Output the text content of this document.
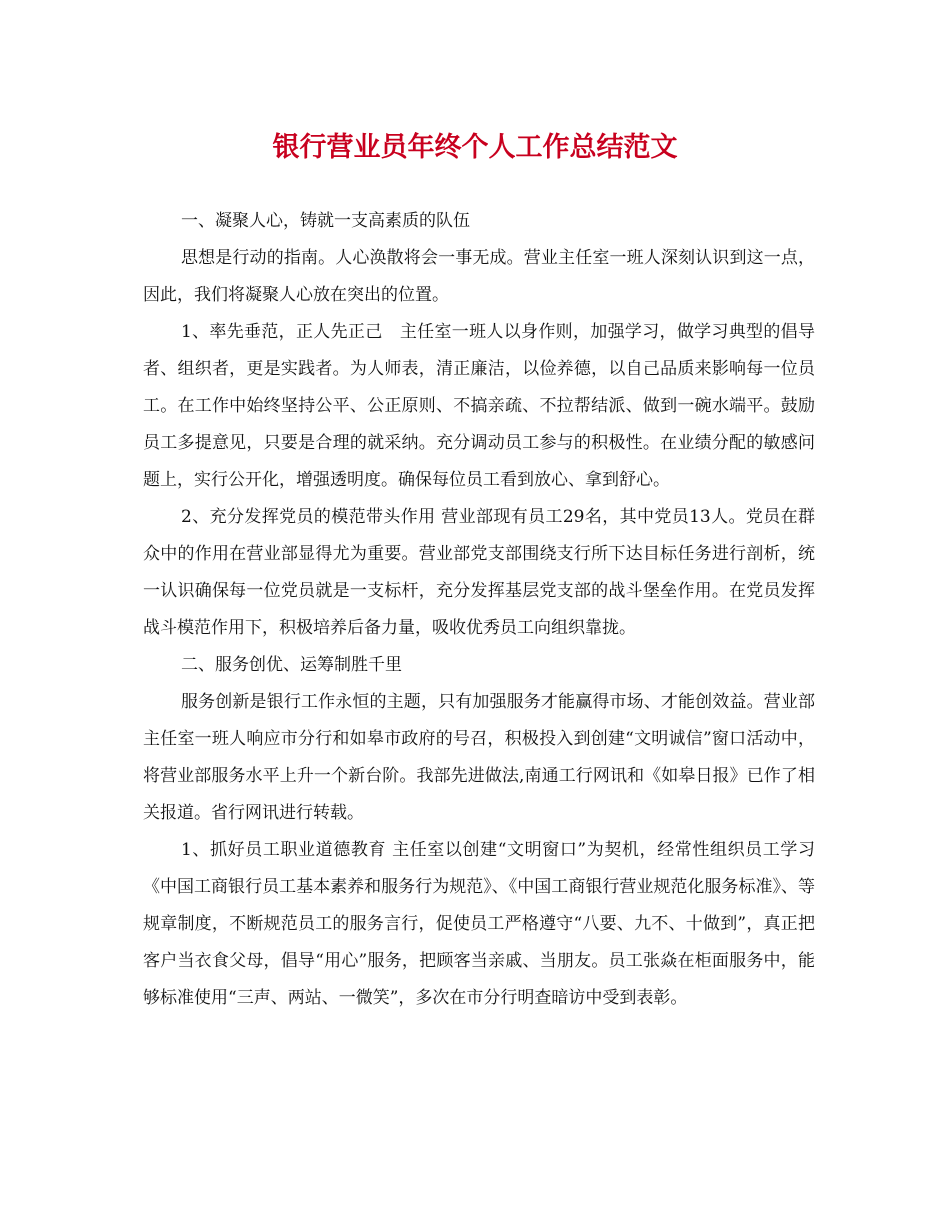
银行营业员年终个人工作总结范文

一、凝聚人心，铸就一支高素质的队伍

思想是行动的指南。人心涣散将会一事无成。营业主任室一班人深刻认识到这一点，因此，我们将凝聚人心放在突出的位置。

1、率先垂范，正人先正己　主任室一班人以身作则，加强学习，做学习典型的倡导者、组织者，更是实践者。为人师表，清正廉洁，以俭养德，以自己品质来影响每一位员工。在工作中始终坚持公平、公正原则、不搞亲疏、不拉帮结派、做到一碗水端平。鼓励员工多提意见，只要是合理的就采纳。充分调动员工参与的积极性。在业绩分配的敏感问题上，实行公开化，增强透明度。确保每位员工看到放心、拿到舒心。

2、充分发挥党员的模范带头作用 营业部现有员工29名，其中党员13人。党员在群众中的作用在营业部显得尤为重要。营业部党支部围绕支行所下达目标任务进行剖析，统一认识确保每一位党员就是一支标杆，充分发挥基层党支部的战斗堡垒作用。在党员发挥战斗模范作用下，积极培养后备力量，吸收优秀员工向组织靠拢。

二、服务创优、运筹制胜千里

服务创新是银行工作永恒的主题，只有加强服务才能赢得市场、才能创效益。营业部主任室一班人响应市分行和如皋市政府的号召，积极投入到创建“文明诚信”窗口活动中，将营业部服务水平上升一个新台阶。我部先进做法,南通工行网讯和《如皋日报》已作了相关报道。省行网讯进行转载。

1、抓好员工职业道德教育 主任室以创建“文明窗口”为契机，经常性组织员工学习《中国工商银行员工基本素养和服务行为规范》、《中国工商银行营业规范化服务标准》、等规章制度，不断规范员工的服务言行，促使员工严格遵守“八要、九不、十做到”，真正把客户当衣食父母，倡导“用心”服务，把顾客当亲戚、当朋友。员工张焱在柜面服务中，能够标准使用“三声、两站、一微笑”，多次在市分行明查暗访中受到表彰。
